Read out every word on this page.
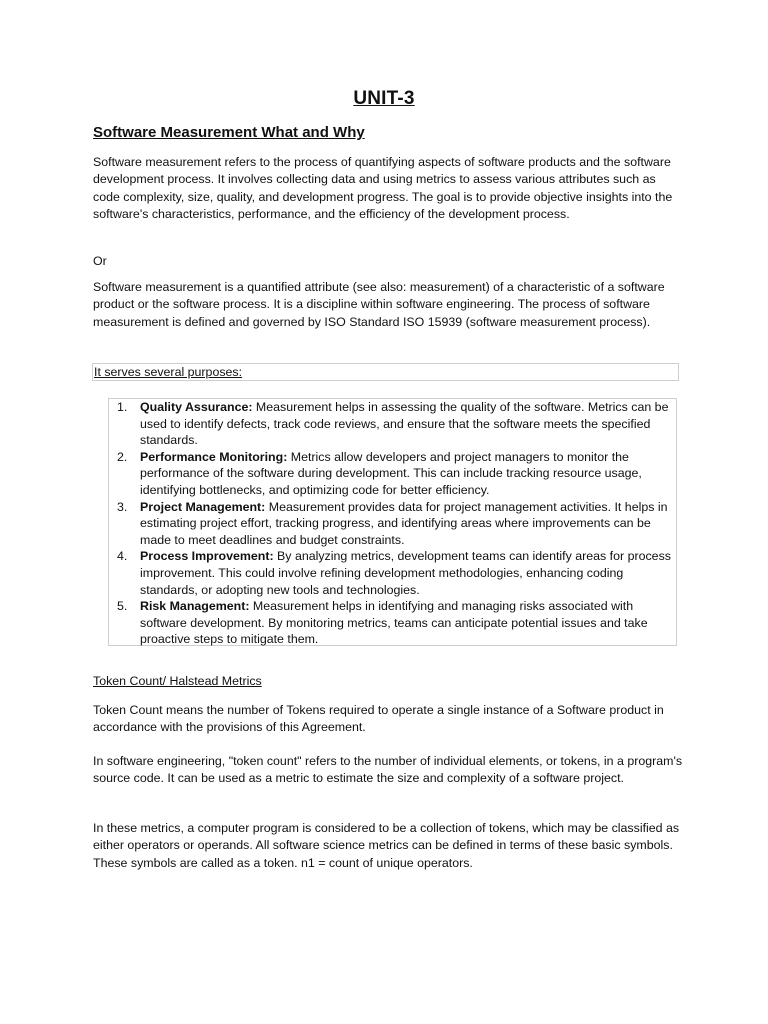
UNIT-3
Software Measurement What and Why

Software measurement refers to the process of quantifying aspects of software products and the software development process. It involves collecting data and using metrics to assess various attributes such as code complexity, size, quality, and development progress. The goal is to provide objective insights into the software's characteristics, performance, and the efficiency of the development process.

Or

Software measurement is a quantified attribute (see also: measurement) of a characteristic of a software product or the software process. It is a discipline within software engineering. The process of software measurement is defined and governed by ISO Standard ISO 15939 (software measurement process).

It serves several purposes:
1.	Quality Assurance: Measurement helps in assessing the quality of the software. Metrics can be used to identify defects, track code reviews, and ensure that the software meets the specified standards.
2.	Performance Monitoring: Metrics allow developers and project managers to monitor the performance of the software during development. This can include tracking resource usage, identifying bottlenecks, and optimizing code for better efficiency.
3.	Project Management: Measurement provides data for project management activities. It helps in estimating project effort, tracking progress, and identifying areas where improvements can be made to meet deadlines and budget constraints.
4.	Process Improvement: By analyzing metrics, development teams can identify areas for process improvement. This could involve refining development methodologies, enhancing coding standards, or adopting new tools and technologies.
5.	Risk Management: Measurement helps in identifying and managing risks associated with software development. By monitoring metrics, teams can anticipate potential issues and take proactive steps to mitigate them.
Token Count/ Halstead Metrics

Token Count means the number of Tokens required to operate a single instance of a Software product in accordance with the provisions of this Agreement.

In software engineering, "token count" refers to the number of individual elements, or tokens, in a program's source code. It can be used as a metric to estimate the size and complexity of a software project.

In these metrics, a computer program is considered to be a collection of tokens, which may be classified as either operators or operands. All software science metrics can be defined in terms of these basic symbols. These symbols are called as a token. n1 = count of unique operators.
